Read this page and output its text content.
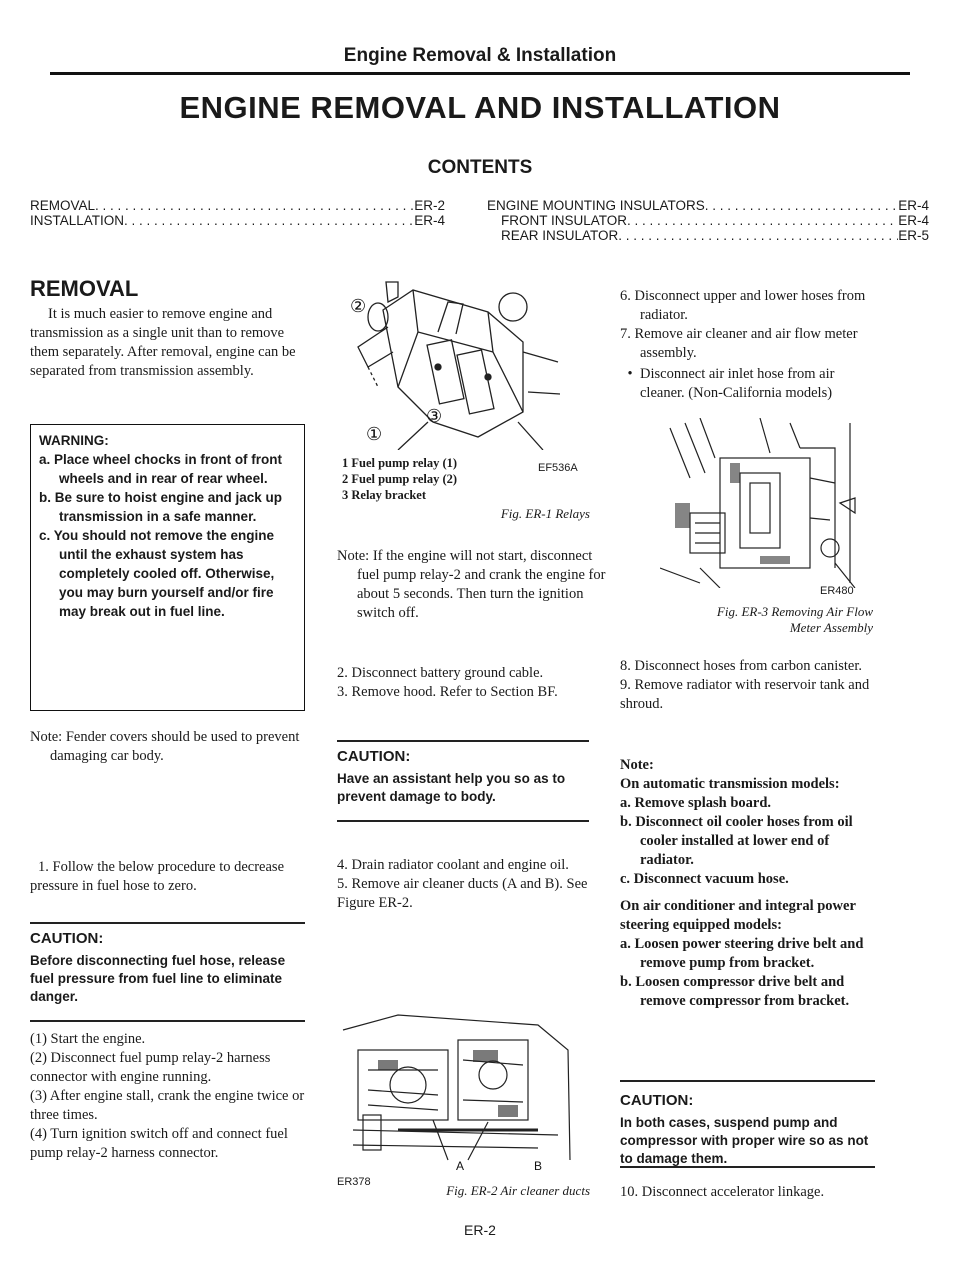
Engine Removal & Installation
ENGINE REMOVAL AND INSTALLATION
CONTENTS
REMOVAL . . .	ER-2
INSTALLATION . . .	ER-4
ENGINE MOUNTING INSULATORS . . .	ER-4
FRONT INSULATOR . . .	ER-4
REAR INSULATOR . . .	ER-5
REMOVAL
It is much easier to remove engine and transmission as a single unit than to remove them separately. After removal, engine can be separated from transmission assembly.
WARNING:
a. Place wheel chocks in front of front wheels and in rear of rear wheel.
b. Be sure to hoist engine and jack up transmission in a safe manner.
c. You should not remove the engine until the exhaust system has completely cooled off. Otherwise, you may burn yourself and/or fire may break out in fuel line.
Note: Fender covers should be used to prevent damaging car body.
1. Follow the below procedure to decrease pressure in fuel hose to zero.
CAUTION:
Before disconnecting fuel hose, release fuel pressure from fuel line to eliminate danger.
(1) Start the engine.
(2) Disconnect fuel pump relay-2 harness connector with engine running.
(3) After engine stall, crank the engine twice or three times.
(4) Turn ignition switch off and connect fuel pump relay-2 harness connector.
②
③
①
1 Fuel pump relay (1)
2 Fuel pump relay (2)
3 Relay bracket
EF536A
Fig. ER-1 Relays
Note: If the engine will not start, disconnect fuel pump relay-2 and crank the engine for about 5 seconds. Then turn the ignition switch off.
2. Disconnect battery ground cable.
3. Remove hood. Refer to Section BF.
CAUTION:
Have an assistant help you so as to prevent damage to body.
4. Drain radiator coolant and engine oil.
5. Remove air cleaner ducts (A and B). See Figure ER-2.
A	B
ER378
Fig. ER-2 Air cleaner ducts
ER-2
6. Disconnect upper and lower hoses from radiator.
7. Remove air cleaner and air flow meter assembly.
• Disconnect air inlet hose from air cleaner. (Non-California models)
ER480
Fig. ER-3 Removing Air Flow
Meter Assembly
8. Disconnect hoses from carbon canister.
9. Remove radiator with reservoir tank and shroud.
Note:
On automatic transmission models:
a. Remove splash board.
b. Disconnect oil cooler hoses from oil cooler installed at lower end of radiator.
c. Disconnect vacuum hose.
On air conditioner and integral power steering equipped models:
a. Loosen power steering drive belt and remove pump from bracket.
b. Loosen compressor drive belt and remove compressor from bracket.
CAUTION:
In both cases, suspend pump and compressor with proper wire so as not to damage them.
10. Disconnect accelerator linkage.
